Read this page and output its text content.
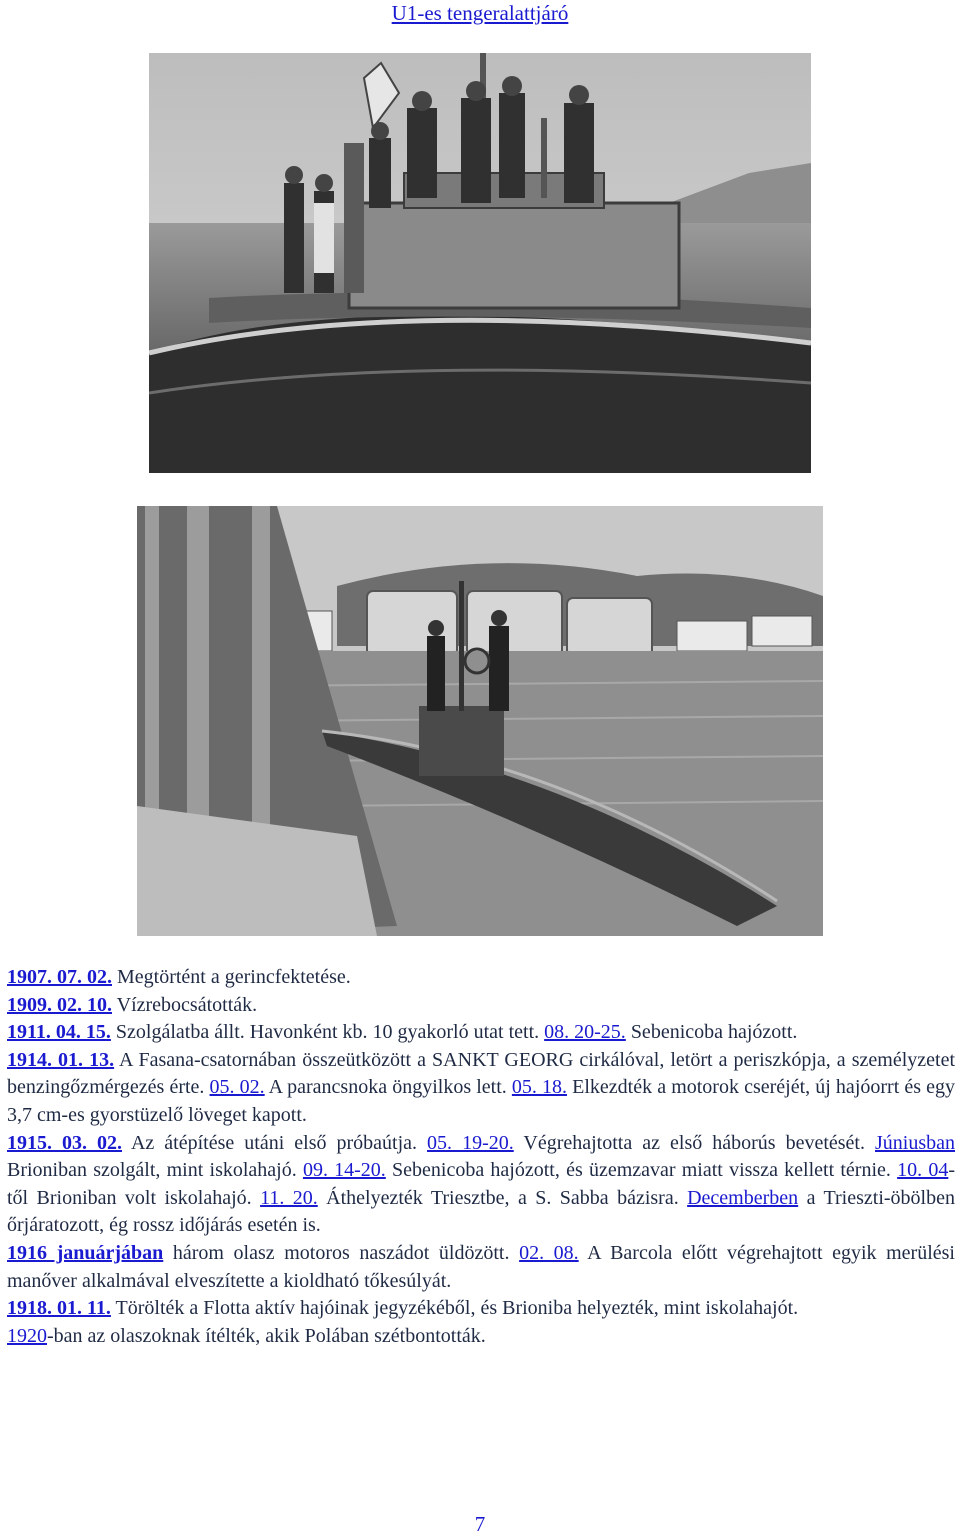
U1-es tengeralattjáró

1907. 07. 02. Megtörtént a gerincfektetése.

1909. 02. 10. Vízrebocsátották.

1911. 04. 15. Szolgálatba állt. Havonként kb. 10 gyakorló utat tett. 08. 20-25. Sebenicoba hajózott.

1914. 01. 13. A Fasana-csatornában összeütközött a SANKT GEORG cirkálóval, letört a periszkópja, a személyzetet benzingőzmérgezés érte. 05. 02. A parancsnoka öngyilkos lett. 05. 18. Elkezdték a motorok cseréjét, új hajóorrt és egy 3,7 cm-es gyorstüzelő löveget kapott.

1915. 03. 02. Az átépítése utáni első próbaútja. 05. 19-20. Végrehajtotta az első háborús bevetését. Júniusban Brioniban szolgált, mint iskolahajó. 09. 14-20. Sebenicoba hajózott, és üzemzavar miatt vissza kellett térnie. 10. 04-től Brioniban volt iskolahajó. 11. 20. Áthelyezték Triesztbe, a S. Sabba bázisra. Decemberben a Trieszti-öbölben őrjáratozott, ég rossz időjárás esetén is.

1916 januárjában három olasz motoros naszádot üldözött. 02. 08. A Barcola előtt végrehajtott egyik merülési manőver alkalmával elveszítette a kioldható tőkesúlyát.

1918. 01. 11. Törölték a Flotta aktív hajóinak jegyzékéből, és Brioniba helyezték, mint iskolahajót.

1920-ban az olaszoknak ítélték, akik Polában szétbontották.

7
